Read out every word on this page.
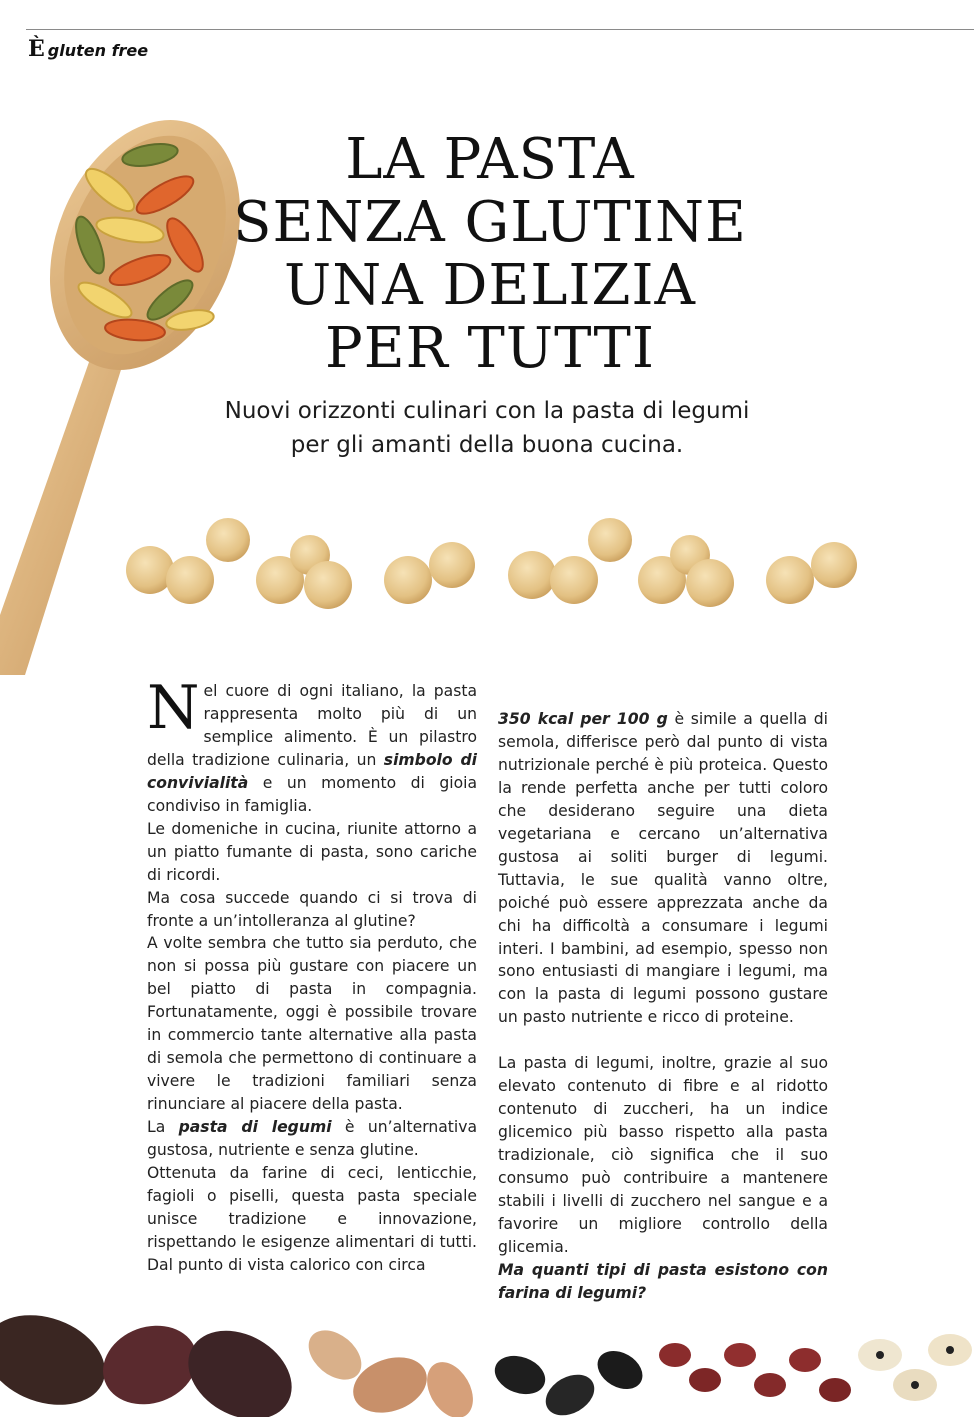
È gluten free
LA PASTA
SENZA GLUTINE
UNA DELIZIA
PER TUTTI
Nuovi orizzonti culinari con la pasta di legumi
per gli amanti della buona cucina.

Nel cuore di ogni italiano, la pasta rappresenta molto più di un semplice alimento. È un pilastro della tradizione culinaria, un simbolo di convivialità e un momento di gioia condiviso in famiglia.

Le domeniche in cucina, riunite attorno a un piatto fumante di pasta, sono cariche di ricordi.

Ma cosa succede quando ci si trova di fronte a un’intolleranza al glutine?

A volte sembra che tutto sia perduto, che non si possa più gustare con piacere un bel piatto di pasta in compagnia. Fortunatamente, oggi è possibile trovare in commercio tante alternative alla pasta di semola che permettono di continuare a vivere le tradizioni familiari senza rinunciare al piacere della pasta.

La pasta di legumi è un’alternativa gustosa, nutriente e senza glutine.

Ottenuta da farine di ceci, lenticchie, fagioli o piselli, questa pasta speciale unisce tradizione e innovazione, rispettando le esigenze alimentari di tutti. Dal punto di vista calorico con circa

350 kcal per 100 g è simile a quella di semola, differisce però dal punto di vista nutrizionale perché è più proteica. Questo la rende perfetta anche per tutti coloro che desiderano seguire una dieta vegetariana e cercano un’alternativa gustosa ai soliti burger di legumi. Tuttavia, le sue qualità vanno oltre, poiché può essere apprezzata anche da chi ha difficoltà a consumare i legumi interi. I bambini, ad esempio, spesso non sono entusiasti di mangiare i legumi, ma con la pasta di legumi possono gustare un pasto nutriente e ricco di proteine.

La pasta di legumi, inoltre, grazie al suo elevato contenuto di fibre e al ridotto contenuto di zuccheri, ha un indice glicemico più basso rispetto alla pasta tradizionale, ciò significa che il suo consumo può contribuire a mantenere stabili i livelli di zucchero nel sangue e a favorire un migliore controllo della glicemia.

Ma quanti tipi di pasta esistono con farina di legumi?
